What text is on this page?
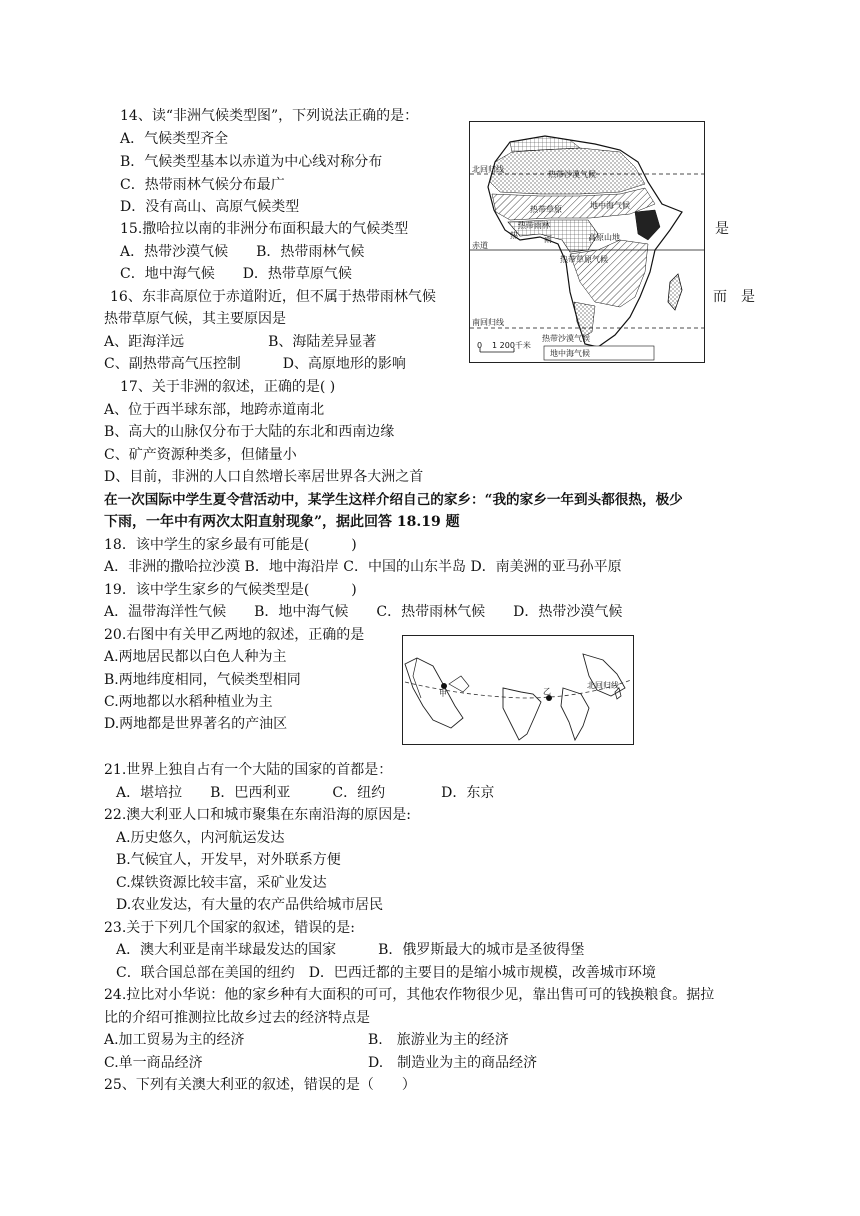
14、读“非洲气候类型图”，下列说法正确的是：
A．气候类型齐全
B．气候类型基本以赤道为中心线对称分布
C．热带雨林气候分布最广
D．没有高山、高原气候类型
15.撒哈拉以南的非洲分布面积最大的气候类型	是
A．热带沙漠气候　　B．热带雨林气候
C．地中海气候　　D．热带草原气候
16、东非高原位于赤道附近，但不属于热带雨林气候	而　是
热带草原气候，其主要原因是
A、距海洋远　　　　　　B、海陆差异显著
C、副热带高气压控制　　　D、高原地形的影响
17、关于非洲的叙述，正确的是( )
A、位于西半球东部，地跨赤道南北
B、高大的山脉仅分布于大陆的东北和西南边缘
C、矿产资源种类多，但储量小
D、目前，非洲的人口自然增长率居世界各大洲之首
在一次国际中学生夏令营活动中，某学生这样介绍自己的家乡：“我的家乡一年到头都很热，极少
下雨，一年中有两次太阳直射现象”，据此回答 18.19 题
18．该中学生的家乡最有可能是(　　　)
A．非洲的撒哈拉沙漠 B．地中海沿岸 C．中国的山东半岛 D．南美洲的亚马孙平原
19．该中学生家乡的气候类型是(　　　)
A．温带海洋性气候　　B．地中海气候　　C．热带雨林气候　　D．热带沙漠气候
20.右图中有关甲乙两地的叙述，正确的是
A.两地居民都以白色人种为主
B.两地纬度相同，气候类型相同
C.两地都以水稻种植业为主
D.两地都是世界著名的产油区
21.世界上独自占有一个大陆的国家的首都是：
A．堪培拉　　B．巴西利亚　　　C．纽约　　　　D．东京
22.澳大利亚人口和城市聚集在东南沿海的原因是:
A.历史悠久，内河航运发达
B.气候宜人，开发早，对外联系方便
C.煤铁资源比较丰富，采矿业发达
D.农业发达，有大量的农产品供给城市居民
23.关于下列几个国家的叙述，错误的是:
A．澳大利亚是南半球最发达的国家　　　B．俄罗斯最大的城市是圣彼得堡
C．联合国总部在美国的纽约　D．巴西迁都的主要目的是缩小城市规模，改善城市环境
24.拉比对小华说：他的家乡种有大面积的可可，其他农作物很少见，靠出售可可的钱换粮食。据拉
比的介绍可推测拉比故乡过去的经济特点是
A.加工贸易为主的经济	B.　旅游业为主的经济
C.单一商品经济	D.　制造业为主的商品经济
25、下列有关澳大利亚的叙述，错误的是（　　）
北回归线
热带沙漠气候
地中海气候
热带草原
热带雨林
热	雨	高原山地
热带草原气候
赤道
南回归线
热带沙漠气候
0 1 200千米
地中海气候
甲	乙
北回归线
